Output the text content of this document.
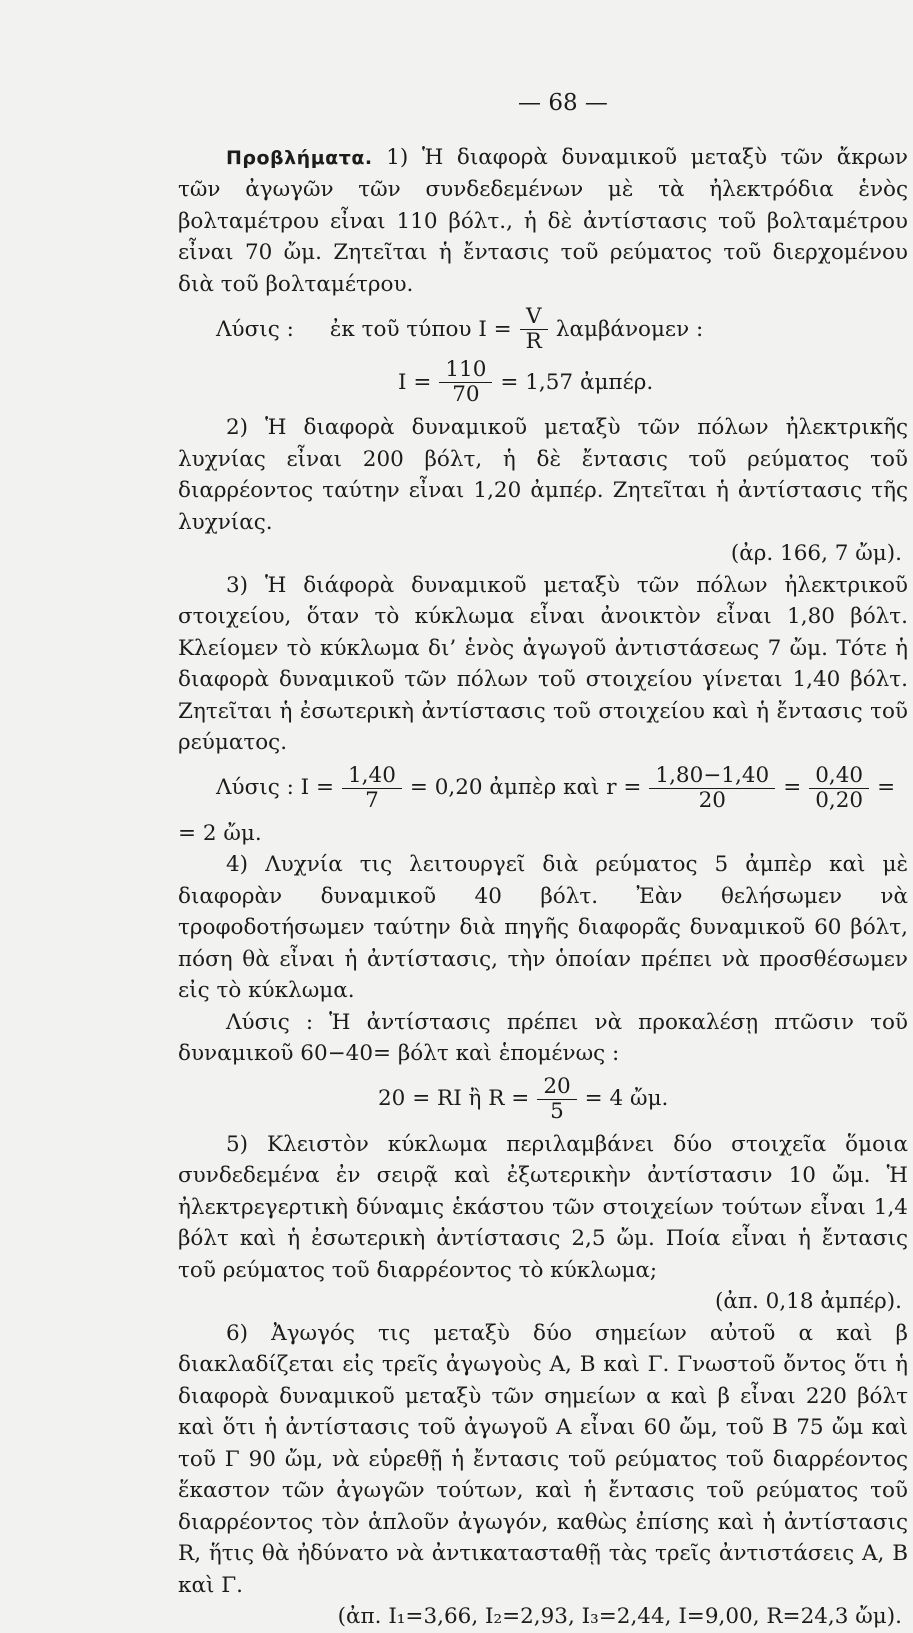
— 68 —

Προβλήματα. 1) Ἡ διαφορὰ δυναμικοῦ μεταξὺ τῶν ἄκρων τῶν ἀγωγῶν τῶν συνδεδεμένων μὲ τὰ ἠλεκτρόδια ἑνὸς βολταμέτρου εἶναι 110 βόλτ., ἡ δὲ ἀντίστασις τοῦ βολταμέτρου εἶναι 70 ὤμ. Ζητεῖται ἡ ἔντασις τοῦ ρεύματος τοῦ διερχομένου διὰ τοῦ βολταμέτρου.

Λύσις : ἐκ τοῦ τύπου $I = \frac{V}{R}$ λαμβάνομεν :
$I = \frac{110}{70} = 1,57$ ἀμπέρ.

2) Ἡ διαφορὰ δυναμικοῦ μεταξὺ τῶν πόλων ἠλεκτρικῆς λυχνίας εἶναι 200 βόλτ, ἡ δὲ ἔντασις τοῦ ρεύματος τοῦ διαρρέοντος ταύτην εἶναι 1,20 ἀμπέρ. Ζητεῖται ἡ ἀντίστασις τῆς λυχνίας.

(ἀρ. 166, 7 ὤμ).

3) Ἡ διάφορὰ δυναμικοῦ μεταξὺ τῶν πόλων ἠλεκτρικοῦ στοιχείου, ὅταν τὸ κύκλωμα εἶναι ἀνοικτὸν εἶναι 1,80 βόλτ. Κλείομεν τὸ κύκλωμα δι’ ἑνὸς ἀγωγοῦ ἀντιστάσεως 7 ὤμ. Τότε ἡ διαφορὰ δυναμικοῦ τῶν πόλων τοῦ στοιχείου γίνεται 1,40 βόλτ. Ζητεῖται ἡ ἐσωτερικὴ ἀντίστασις τοῦ στοιχείου καὶ ἡ ἔντασις τοῦ ρεύματος.

Λύσις : $I = \frac{1,40}{7} = 0,20$ ἀμπὲρ καὶ $r = \frac{1,80-1,40}{20} = \frac{0,40}{0,20}$ =

= 2 ὤμ.

4) Λυχνία τις λειτουργεῖ διὰ ρεύματος 5 ἀμπὲρ καὶ μὲ διαφορὰν δυναμικοῦ 40 βόλτ. Ἐὰν θελήσωμεν νὰ τροφοδοτήσωμεν ταύτην διὰ πηγῆς διαφορᾶς δυναμικοῦ 60 βόλτ, πόση θὰ εἶναι ἡ ἀντίστασις, τὴν ὁποίαν πρέπει νὰ προσθέσωμεν εἰς τὸ κύκλωμα.

Λύσις : Ἡ ἀντίστασις πρέπει νὰ προκαλέσῃ πτῶσιν τοῦ δυναμικοῦ 60−40= βόλτ καὶ ἑπομένως :

20 = RI ἢ $R = \frac{20}{5} = 4$ ὤμ.

5) Κλειστὸν κύκλωμα περιλαμβάνει δύο στοιχεῖα ὅμοια συνδεδεμένα ἐν σειρᾷ καὶ ἐξωτερικὴν ἀντίστασιν 10 ὤμ. Ἡ ἠλεκτρεγερτικὴ δύναμις ἑκάστου τῶν στοιχείων τούτων εἶναι 1,4 βόλτ καὶ ἡ ἐσωτερικὴ ἀντίστασις 2,5 ὤμ. Ποία εἶναι ἡ ἔντασις τοῦ ρεύματος τοῦ διαρρέοντος τὸ κύκλωμα;

(ἀπ. 0,18 ἀμπέρ).

6) Ἀγωγός τις μεταξὺ δύο σημείων αὐτοῦ α καὶ β διακλαδίζεται εἰς τρεῖς ἀγωγοὺς Α, Β καὶ Γ. Γνωστοῦ ὄντος ὅτι ἡ διαφορὰ δυναμικοῦ μεταξὺ τῶν σημείων α καὶ β εἶναι 220 βόλτ καὶ ὅτι ἡ ἀντίστασις τοῦ ἀγωγοῦ Α εἶναι 60 ὤμ, τοῦ Β 75 ὤμ καὶ τοῦ Γ 90 ὤμ, νὰ εὑρεθῇ ἡ ἔντασις τοῦ ρεύματος τοῦ διαρρέοντος ἕκαστον τῶν ἀγωγῶν τούτων, καὶ ἡ ἔντασις τοῦ ρεύματος τοῦ διαρρέοντος τὸν ἁπλοῦν ἀγωγόν, καθὼς ἐπίσης καὶ ἡ ἀντίστασις R, ἥτις θὰ ἠδύνατο νὰ ἀντικατασταθῇ τὰς τρεῖς ἀντιστάσεις Α, Β καὶ Γ.

(ἀπ. I₁=3,66, I₂=2,93, I₃=2,44, I=9,00, R=24,3 ὤμ).
